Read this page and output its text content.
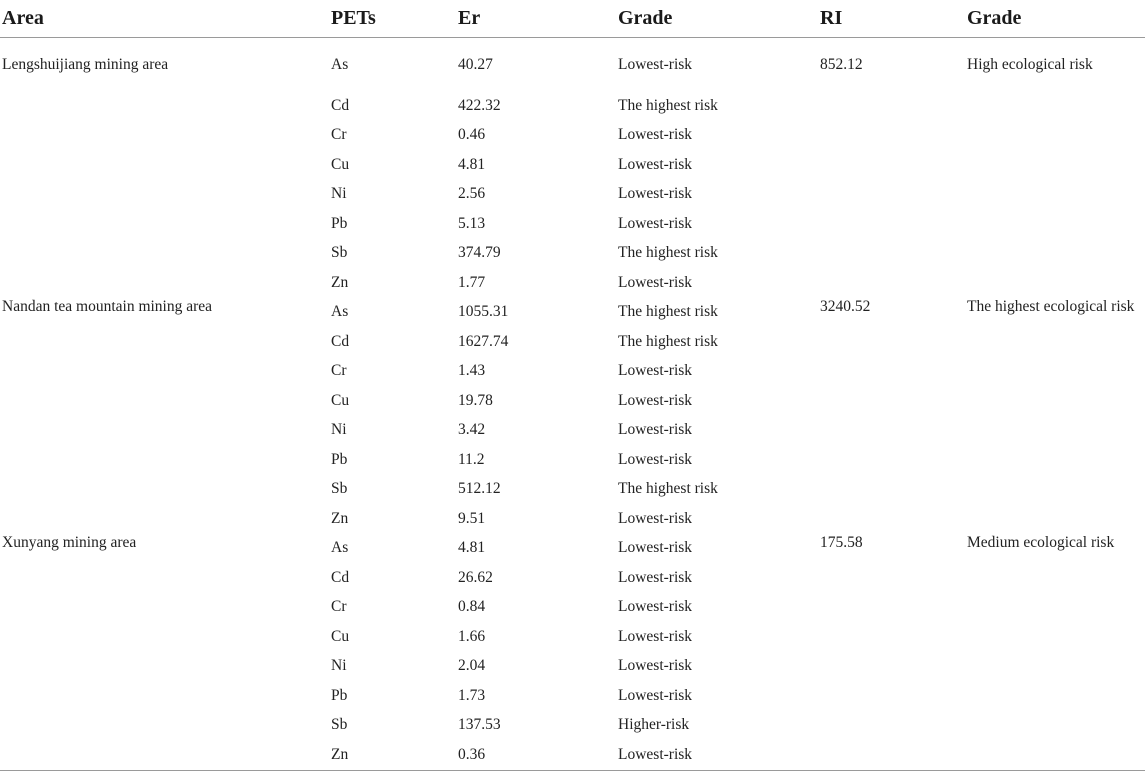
Area	PETs	Er	Grade	RI	Grade
Lengshuijiang mining area	As	40.27	Lowest-risk	852.12	High ecological risk
	Cd	422.32	The highest risk		
	Cr	0.46	Lowest-risk		
	Cu	4.81	Lowest-risk		
	Ni	2.56	Lowest-risk		
	Pb	5.13	Lowest-risk		
	Sb	374.79	The highest risk		
	Zn	1.77	Lowest-risk		
Nandan tea mountain mining area	As	1055.31	The highest risk	3240.52	The highest ecological risk
	Cd	1627.74	The highest risk		
	Cr	1.43	Lowest-risk		
	Cu	19.78	Lowest-risk		
	Ni	3.42	Lowest-risk		
	Pb	11.2	Lowest-risk		
	Sb	512.12	The highest risk		
	Zn	9.51	Lowest-risk		
Xunyang mining area	As	4.81	Lowest-risk	175.58	Medium ecological risk
	Cd	26.62	Lowest-risk		
	Cr	0.84	Lowest-risk		
	Cu	1.66	Lowest-risk		
	Ni	2.04	Lowest-risk		
	Pb	1.73	Lowest-risk		
	Sb	137.53	Higher-risk		
	Zn	0.36	Lowest-risk		
